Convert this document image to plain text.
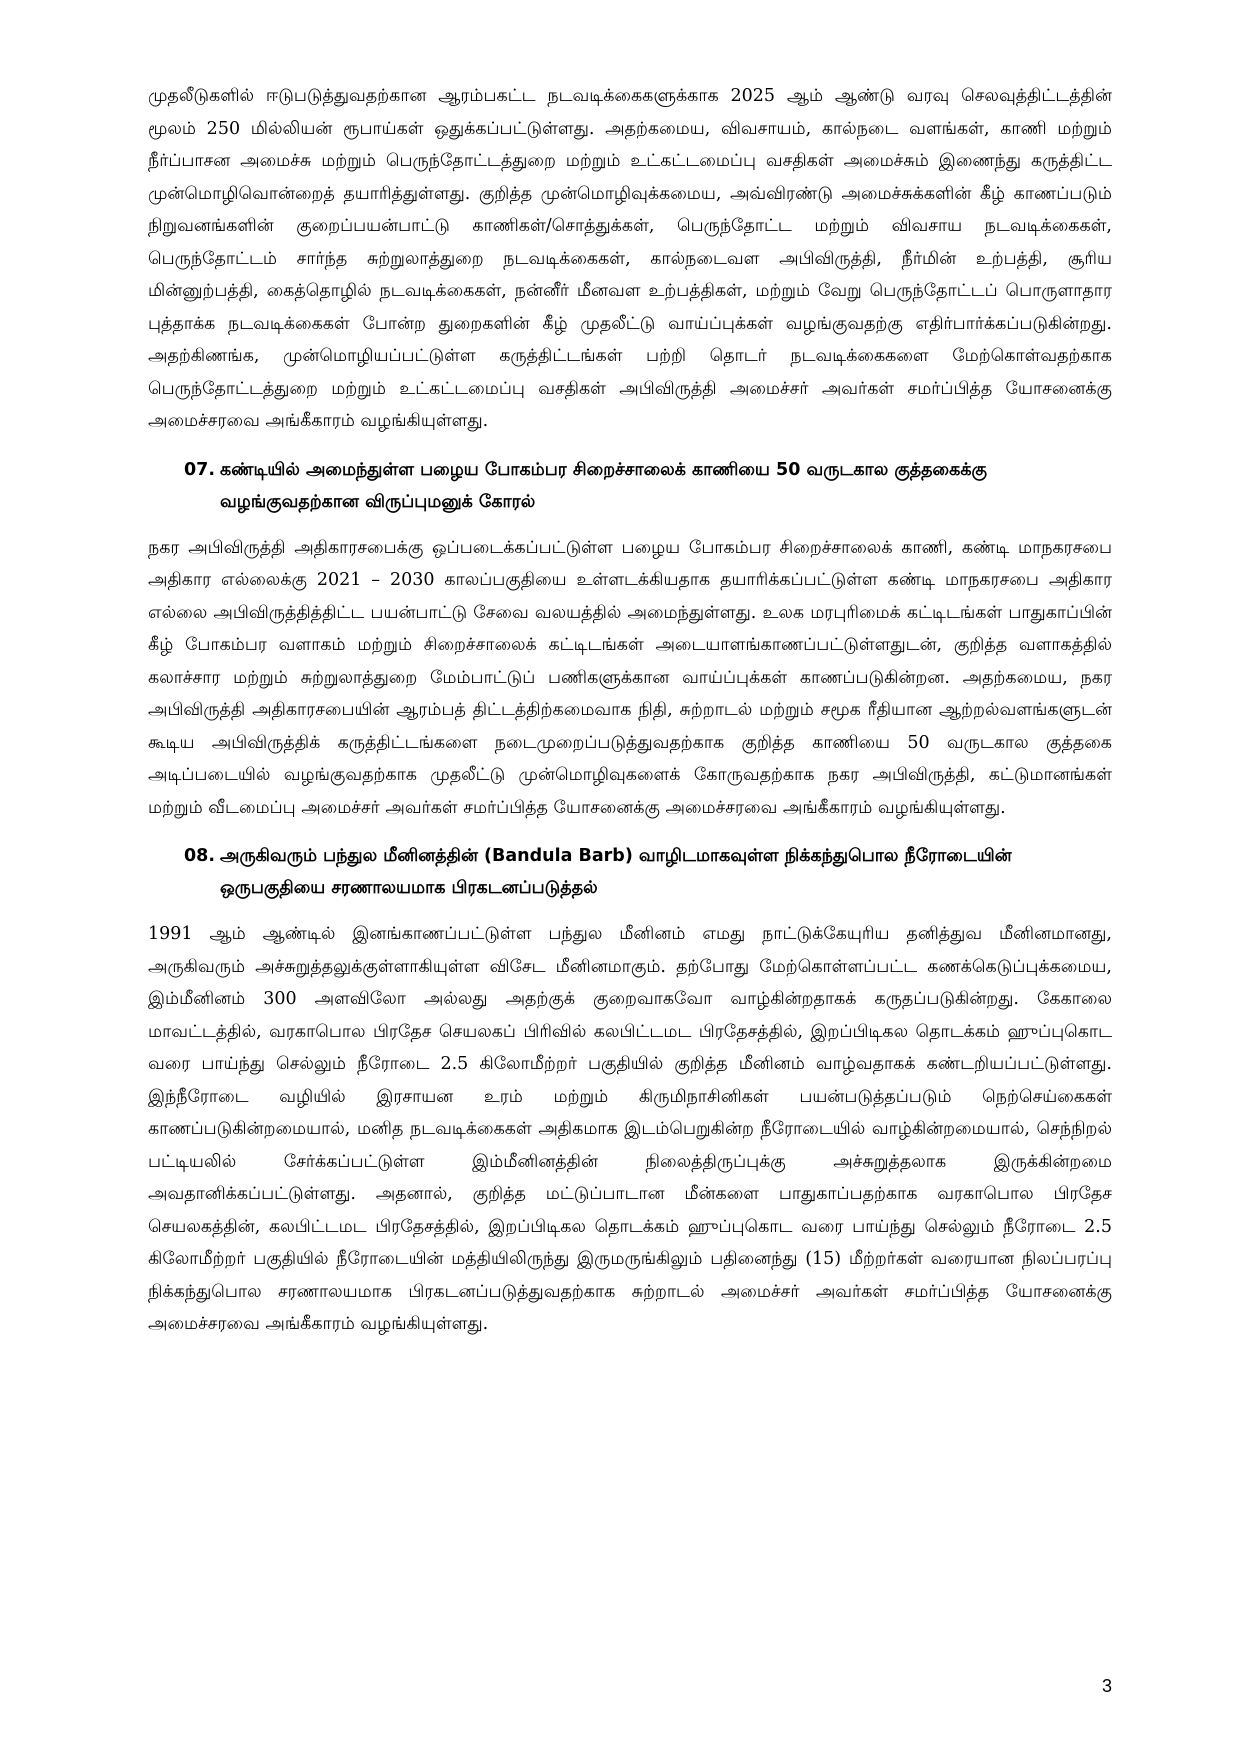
முதலீடுகளில் ஈடுபடுத்துவதற்கான ஆரம்பகட்ட நடவடிக்கைகளுக்காக 2025 ஆம் ஆண்டு வரவு செலவுத்திட்டத்தின் மூலம் 250 மில்லியன் ரூபாய்கள் ஒதுக்கப்பட்டுள்ளது. அதற்கமைய, விவசாயம், கால்நடை வளங்கள், காணி மற்றும் நீர்ப்பாசன அமைச்சு மற்றும் பெருந்தோட்டத்துறை மற்றும் உட்கட்டமைப்பு வசதிகள் அமைச்சும் இணைந்து கருத்திட்ட முன்மொழிவொன்றைத் தயாரித்துள்ளது. குறித்த முன்மொழிவுக்கமைய, அவ்விரண்டு அமைச்சுக்களின் கீழ் காணப்படும் நிறுவனங்களின் குறைப்பயன்பாட்டு காணிகள்/சொத்துக்கள், பெருந்தோட்ட மற்றும் விவசாய நடவடிக்கைகள், பெருந்தோட்டம் சார்ந்த சுற்றுலாத்துறை நடவடிக்கைகள், கால்நடைவள அபிவிருத்தி, நீர்மின் உற்பத்தி, சூரிய மின்னுற்பத்தி, கைத்தொழில் நடவடிக்கைகள், நன்னீர் மீனவள உற்பத்திகள், மற்றும் வேறு பெருந்தோட்டப் பொருளாதார புத்தாக்க நடவடிக்கைகள் போன்ற துறைகளின் கீழ் முதலீட்டு வாய்ப்புக்கள் வழங்குவதற்கு எதிர்பார்க்கப்படுகின்றது. அதற்கிணங்க, முன்மொழியப்பட்டுள்ள கருத்திட்டங்கள் பற்றி தொடர் நடவடிக்கைகளை மேற்கொள்வதற்காக பெருந்தோட்டத்துறை மற்றும் உட்கட்டமைப்பு வசதிகள் அபிவிருத்தி அமைச்சர் அவர்கள் சமர்ப்பித்த யோசனைக்கு அமைச்சரவை அங்கீகாரம் வழங்கியுள்ளது.

07. கண்டியில் அமைந்துள்ள பழைய போகம்பர சிறைச்சாலைக் காணியை 50 வருடகால குத்தகைக்கு வழங்குவதற்கான விருப்புமனுக் கோரல்

நகர அபிவிருத்தி அதிகாரசபைக்கு ஒப்படைக்கப்பட்டுள்ள பழைய போகம்பர சிறைச்சாலைக் காணி, கண்டி மாநகரசபை அதிகார எல்லைக்கு 2021 – 2030 காலப்பகுதியை உள்ளடக்கியதாக தயாரிக்கப்பட்டுள்ள கண்டி மாநகரசபை அதிகார எல்லை அபிவிருத்தித்திட்ட பயன்பாட்டு சேவை வலயத்தில் அமைந்துள்ளது. உலக மரபுரிமைக் கட்டிடங்கள் பாதுகாப்பின் கீழ் போகம்பர வளாகம் மற்றும் சிறைச்சாலைக் கட்டிடங்கள் அடையாளங்காணப்பட்டுள்ளதுடன், குறித்த வளாகத்தில் கலாச்சார மற்றும் சுற்றுலாத்துறை மேம்பாட்டுப் பணிகளுக்கான வாய்ப்புக்கள் காணப்படுகின்றன. அதற்கமைய, நகர அபிவிருத்தி அதிகாரசபையின் ஆரம்பத் திட்டத்திற்கமைவாக நிதி, சுற்றாடல் மற்றும் சமூக ரீதியான ஆற்றல்வளங்களுடன் கூடிய அபிவிருத்திக் கருத்திட்டங்களை நடைமுறைப்படுத்துவதற்காக குறித்த காணியை 50 வருடகால குத்தகை அடிப்படையில் வழங்குவதற்காக முதலீட்டு முன்மொழிவுகளைக் கோருவதற்காக நகர அபிவிருத்தி, கட்டுமானங்கள் மற்றும் வீடமைப்பு அமைச்சர் அவர்கள் சமர்ப்பித்த யோசனைக்கு அமைச்சரவை அங்கீகாரம் வழங்கியுள்ளது.

08. அருகிவரும் பந்துல மீனினத்தின் (Bandula Barb) வாழிடமாகவுள்ள நிக்கந்துபொல நீரோடையின் ஒருபகுதியை சரணாலயமாக பிரகடனப்படுத்தல்

1991 ஆம் ஆண்டில் இனங்காணப்பட்டுள்ள பந்துல மீனினம் எமது நாட்டுக்கேயுரிய தனித்துவ மீனினமானது, அருகிவரும் அச்சுறுத்தலுக்குள்ளாகியுள்ள விசேட மீனினமாகும். தற்போது மேற்கொள்ளப்பட்ட கணக்கெடுப்புக்கமைய, இம்மீனினம் 300 அளவிலோ அல்லது அதற்குக் குறைவாகவோ வாழ்கின்றதாகக் கருதப்படுகின்றது. கேகாலை மாவட்டத்தில், வரகாபொல பிரதேச செயலகப் பிரிவில் கலபிட்டமட பிரதேசத்தில், இறப்பிடிகல தொடக்கம் ஹுப்புகொட வரை பாய்ந்து செல்லும் நீரோடை 2.5 கிலோமீற்றர் பகுதியில் குறித்த மீனினம் வாழ்வதாகக் கண்டறியப்பட்டுள்ளது. இந்நீரோடை வழியில் இரசாயன உரம் மற்றும் கிருமிநாசினிகள் பயன்படுத்தப்படும் நெற்செய்கைகள் காணப்படுகின்றமையால், மனித நடவடிக்கைகள் அதிகமாக இடம்பெறுகின்ற நீரோடையில் வாழ்கின்றமையால், செந்நிறல் பட்டியலில் சேர்க்கப்பட்டுள்ள இம்மீனினத்தின் நிலைத்திருப்புக்கு அச்சுறுத்தலாக இருக்கின்றமை அவதானிக்கப்பட்டுள்ளது. அதனால், குறித்த மட்டுப்பாடான மீன்களை பாதுகாப்பதற்காக வரகாபொல பிரதேச செயலகத்தின், கலபிட்டமட பிரதேசத்தில், இறப்பிடிகல தொடக்கம் ஹுப்புகொட வரை பாய்ந்து செல்லும் நீரோடை 2.5 கிலோமீற்றர் பகுதியில் நீரோடையின் மத்தியிலிருந்து இருமருங்கிலும் பதினைந்து (15) மீற்றர்கள் வரையான நிலப்பரப்பு நிக்கந்துபொல சரணாலயமாக பிரகடனப்படுத்துவதற்காக சுற்றாடல் அமைச்சர் அவர்கள் சமர்ப்பித்த யோசனைக்கு அமைச்சரவை அங்கீகாரம் வழங்கியுள்ளது.

3
